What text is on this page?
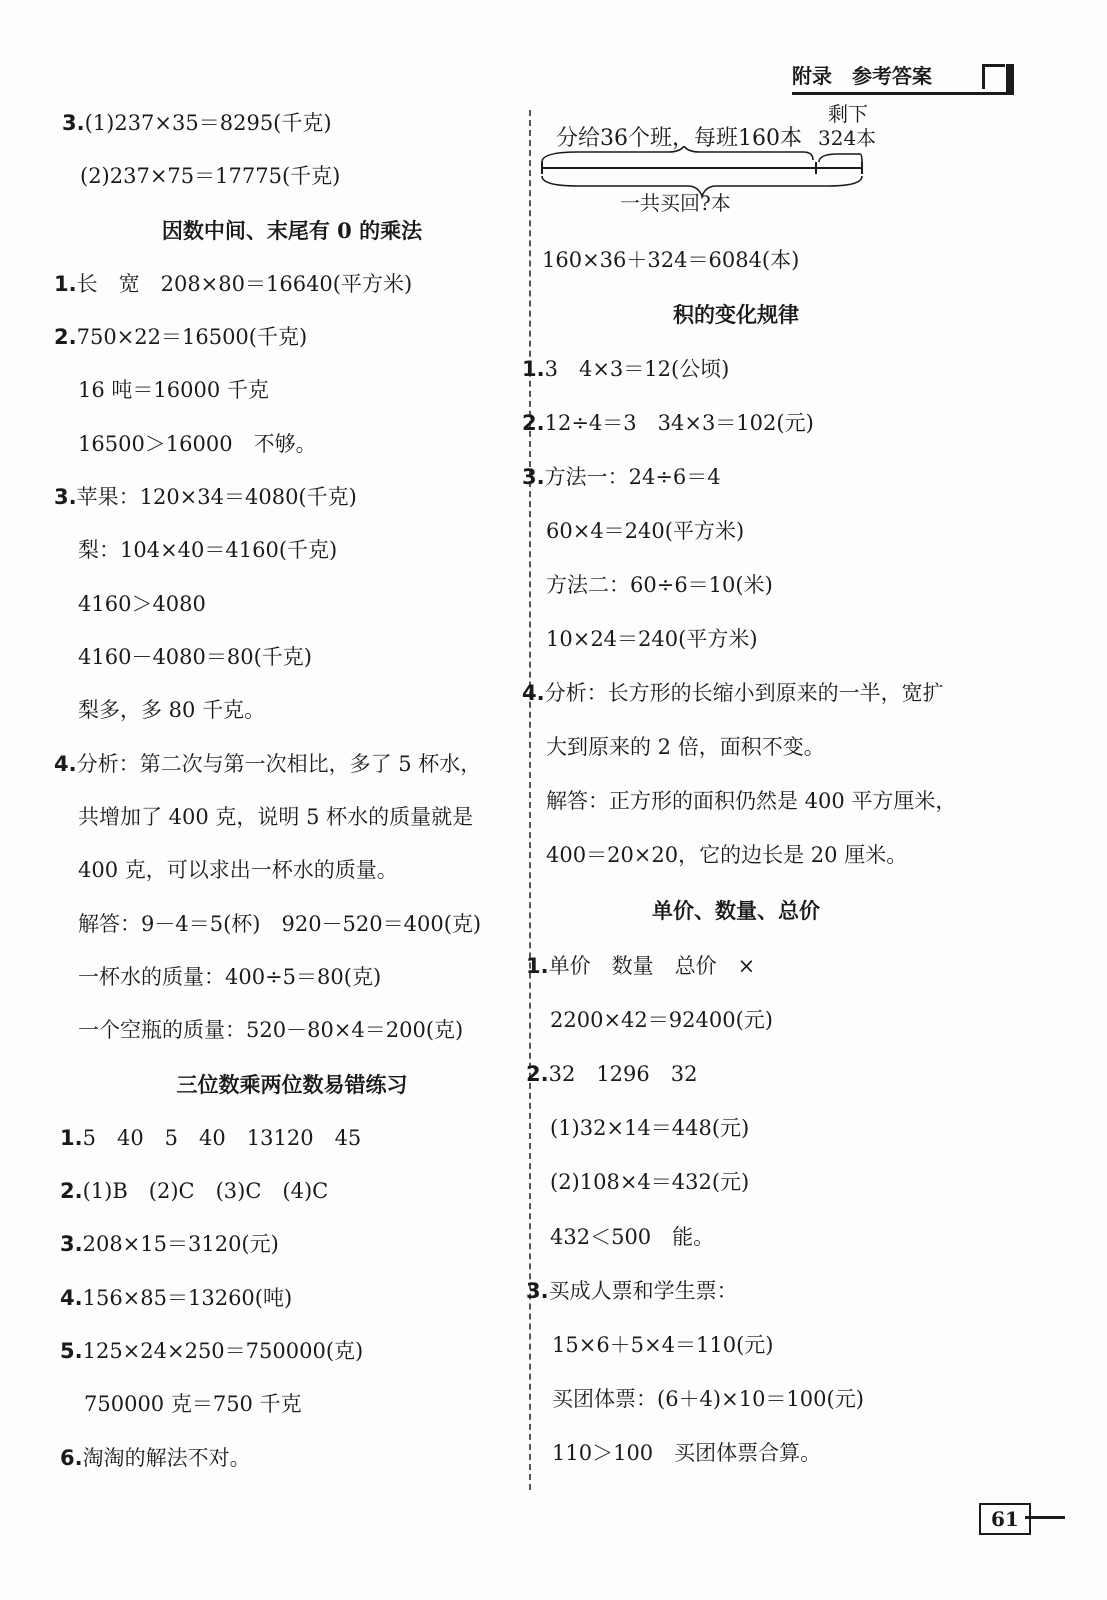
附录　参考答案
3.(1)237×35＝8295(千克)
(2)237×75＝17775(千克)
因数中间、末尾有 0 的乘法
1.长　宽　208×80＝16640(平方米)
2.750×22＝16500(千克)
16 吨＝16000 千克
16500＞16000　不够。
3.苹果：120×34＝4080(千克)
梨：104×40＝4160(千克)
4160＞4080
4160－4080＝80(千克)
梨多，多 80 千克。
4.分析：第二次与第一次相比，多了 5 杯水，
共增加了 400 克，说明 5 杯水的质量就是
400 克，可以求出一杯水的质量。
解答：9－4＝5(杯)　920－520＝400(克)
一杯水的质量：400÷5＝80(克)
一个空瓶的质量：520－80×4＝200(克)
三位数乘两位数易错练习
1.5　40　5　40　13120　45
2.(1)B　(2)C　(3)C　(4)C
3.208×15＝3120(元)
4.156×85＝13260(吨)
5.125×24×250＝750000(克)
750000 克＝750 千克
6.淘淘的解法不对。
分给36个班，每班160本
剩下
324本
一共买回?本
160×36＋324＝6084(本)
积的变化规律
1.3　4×3＝12(公顷)
2.12÷4＝3　34×3＝102(元)
3.方法一：24÷6＝4
60×4＝240(平方米)
方法二：60÷6＝10(米)
10×24＝240(平方米)
4.分析：长方形的长缩小到原来的一半，宽扩
大到原来的 2 倍，面积不变。
解答：正方形的面积仍然是 400 平方厘米，
400＝20×20，它的边长是 20 厘米。
单价、数量、总价
1.单价　数量　总价　×
2200×42＝92400(元)
2.32　1296　32
(1)32×14＝448(元)
(2)108×4＝432(元)
432＜500　能。
3.买成人票和学生票：
15×6＋5×4＝110(元)
买团体票：(6＋4)×10＝100(元)
110＞100　买团体票合算。
61
